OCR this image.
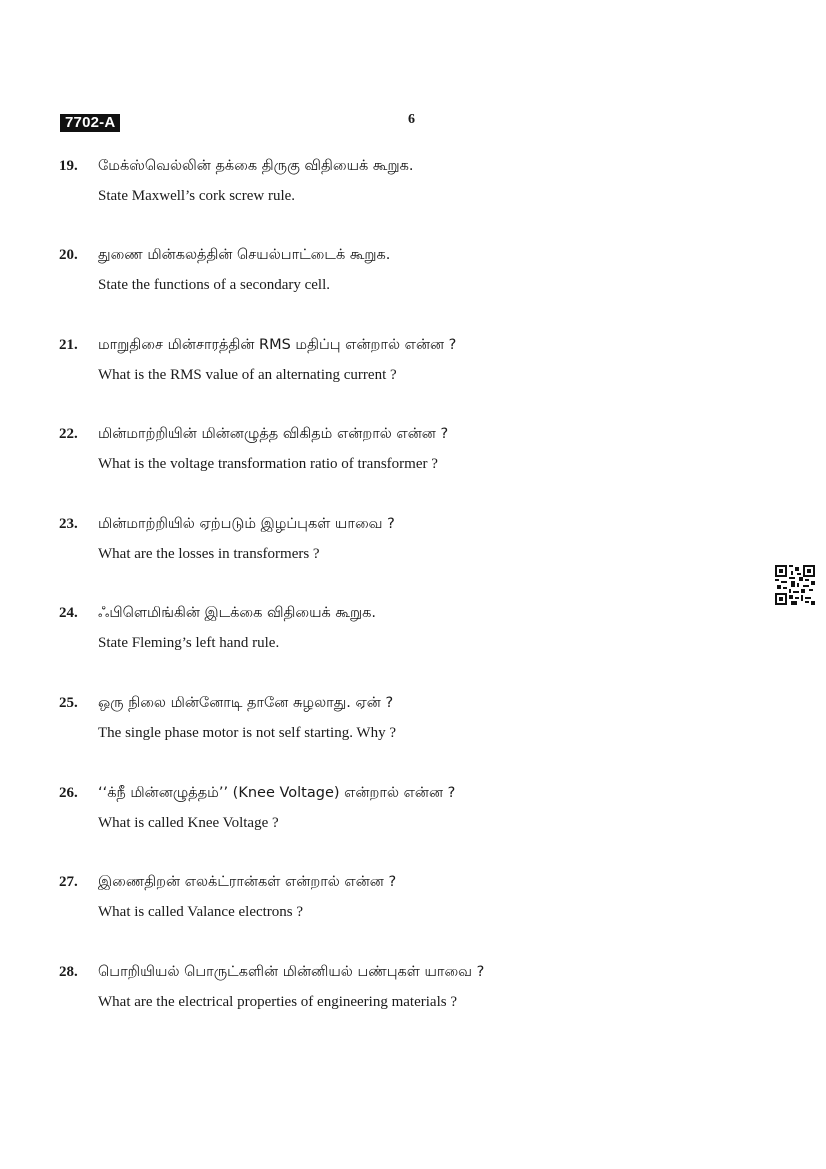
7702-A	6
19. மேக்ஸ்வெல்லின் தக்கை திருகு விதியைக் கூறுக.
State Maxwell’s cork screw rule.
20. துணை மின்கலத்தின் செயல்பாட்டைக் கூறுக.
State the functions of a secondary cell.
21. மாறுதிசை மின்சாரத்தின் RMS மதிப்பு என்றால் என்ன ?
What is the RMS value of an alternating current ?
22. மின்மாற்றியின் மின்னழுத்த விகிதம் என்றால் என்ன ?
What is the voltage transformation ratio of transformer ?
23. மின்மாற்றியில் ஏற்படும் இழப்புகள் யாவை ?
What are the losses in transformers ?
24. ஃபிளெமிங்கின் இடக்கை விதியைக் கூறுக.
State Fleming’s left hand rule.
25. ஒரு நிலை மின்னோடி தானே சுழலாது. ஏன் ?
The single phase motor is not self starting. Why ?
26. ‘‘க்நீ மின்னழுத்தம்’’ (Knee Voltage) என்றால் என்ன ?
What is called Knee Voltage ?
27. இணைதிறன் எலக்ட்ரான்கள் என்றால் என்ன ?
What is called Valance electrons ?
28. பொறியியல் பொருட்களின் மின்னியல் பண்புகள் யாவை ?
What are the electrical properties of engineering materials ?
